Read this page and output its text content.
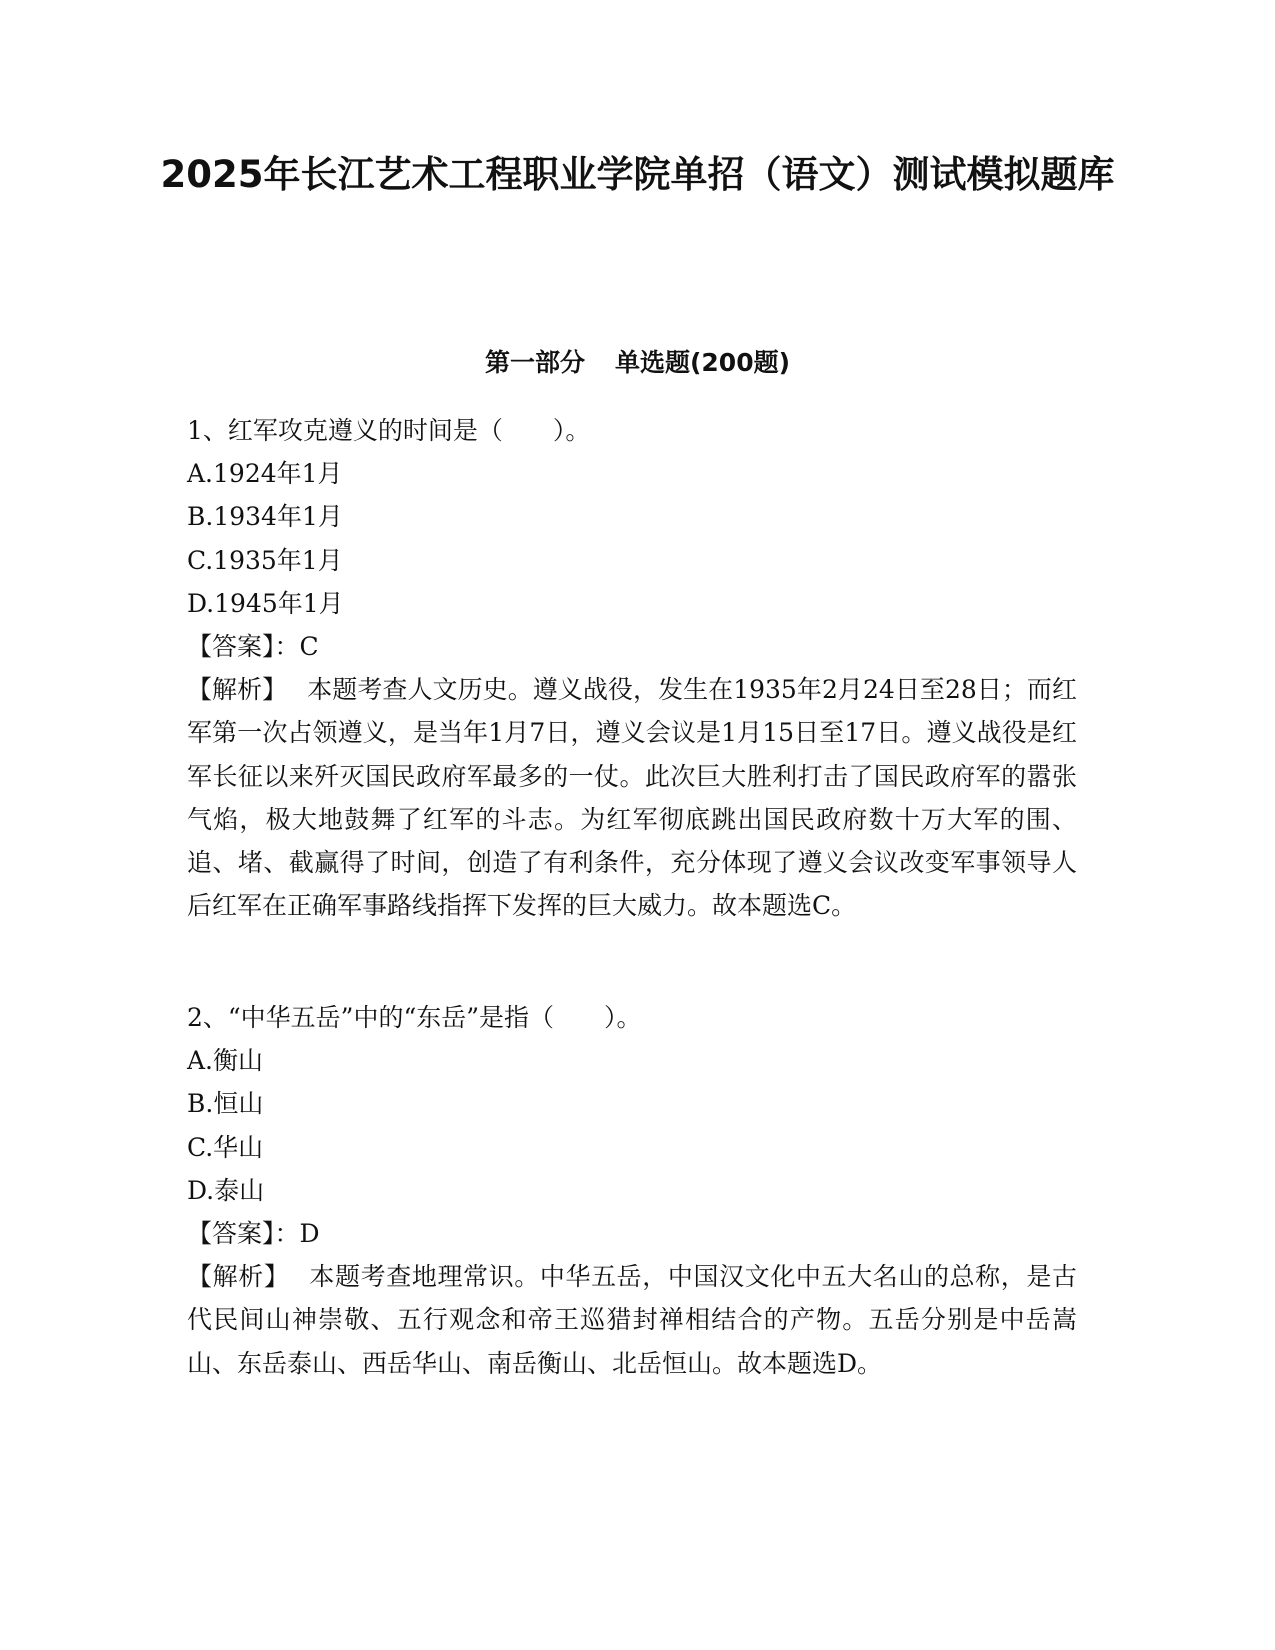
2025年长江艺术工程职业学院单招（语文）测试模拟题库
第一部分 单选题(200题)

1、红军攻克遵义的时间是（　　）。

A.1924年1月

B.1934年1月

C.1935年1月

D.1945年1月

【答案】：C

【解析】 本题考查人文历史。遵义战役，发生在1935年2月24日至28日；而红军第一次占领遵义，是当年1月7日，遵义会议是1月15日至17日。遵义战役是红军长征以来歼灭国民政府军最多的一仗。此次巨大胜利打击了国民政府军的嚣张气焰，极大地鼓舞了红军的斗志。为红军彻底跳出国民政府数十万大军的围、追、堵、截赢得了时间，创造了有利条件，充分体现了遵义会议改变军事领导人后红军在正确军事路线指挥下发挥的巨大威力。故本题选C。

2、“中华五岳”中的“东岳”是指（　　）。

A.衡山

B.恒山

C.华山

D.泰山

【答案】：D

【解析】 本题考查地理常识。中华五岳，中国汉文化中五大名山的总称，是古代民间山神崇敬、五行观念和帝王巡猎封禅相结合的产物。五岳分别是中岳嵩山、东岳泰山、西岳华山、南岳衡山、北岳恒山。故本题选D。
